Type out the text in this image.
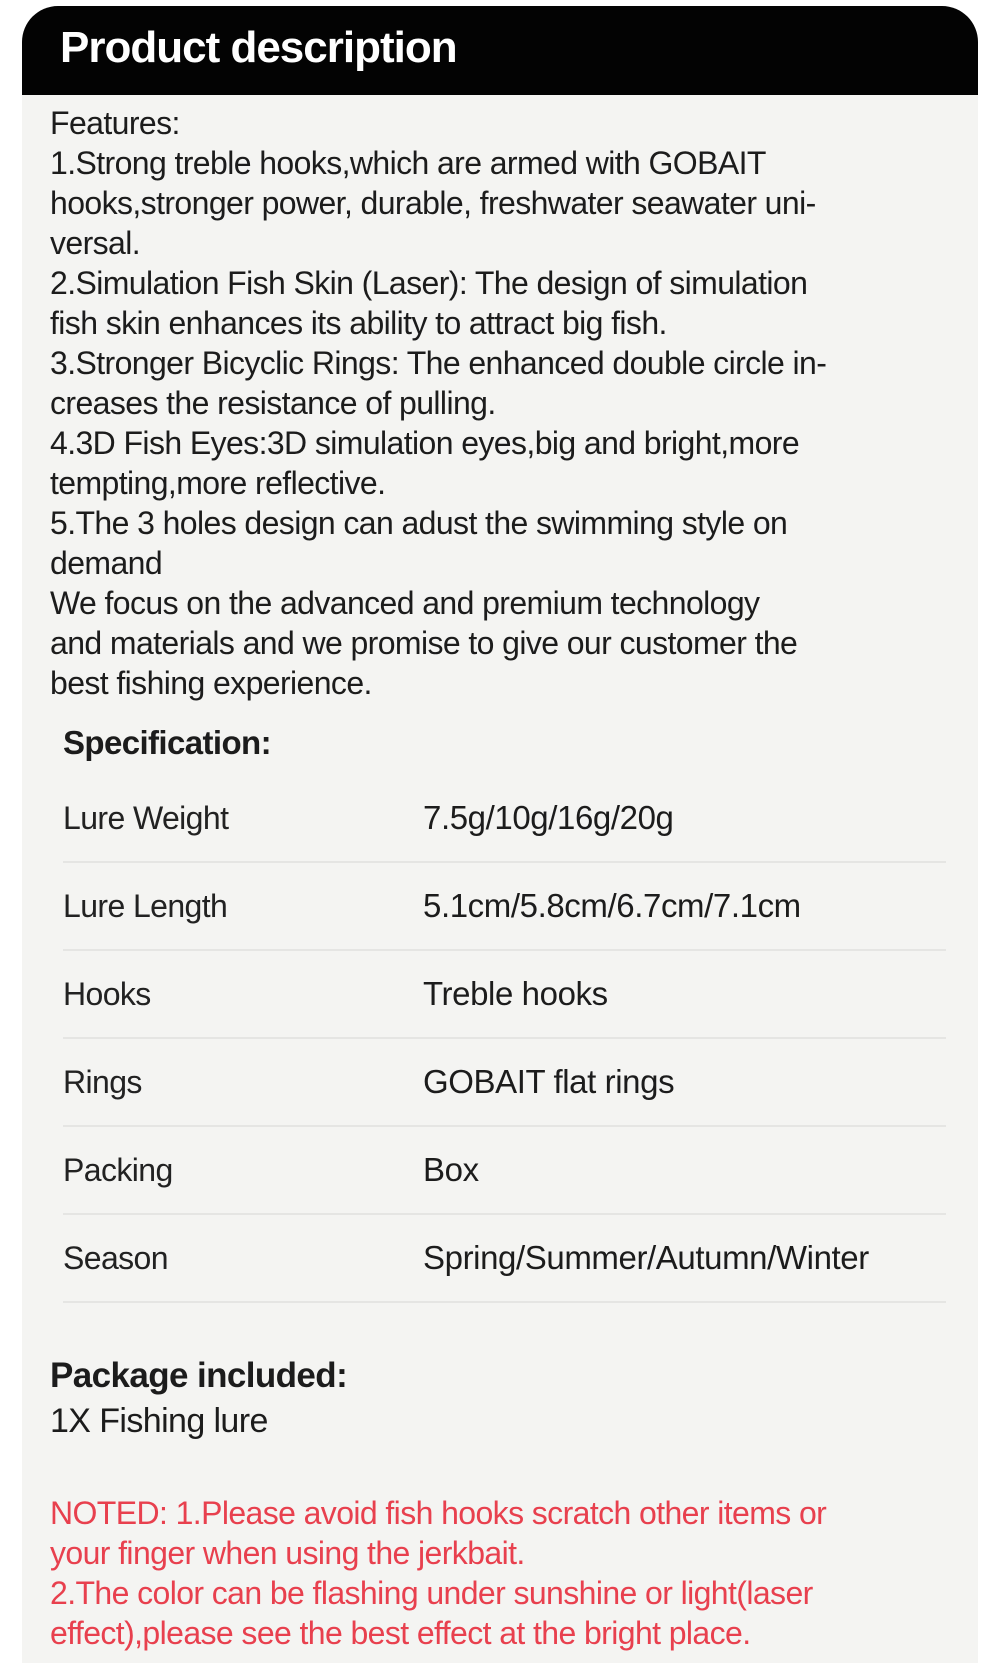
Product description
Features:
1.Strong treble hooks,which are armed with GOBAIT
hooks,stronger power, durable, freshwater seawater uni-
versal.
2.Simulation Fish Skin (Laser): The design of simulation
fish skin enhances its ability to attract big fish.
3.Stronger Bicyclic Rings: The enhanced double circle in-
creases the resistance of pulling.
4.3D Fish Eyes:3D simulation eyes,big and bright,more
tempting,more reflective.
5.The 3 holes design can adust the swimming style on
demand
We focus on the advanced and premium technology
and materials and we promise to give our customer the
best fishing experience.
Specification:
Lure Weight	7.5g/10g/16g/20g
Lure Length	5.1cm/5.8cm/6.7cm/7.1cm
Hooks	Treble hooks
Rings	GOBAIT flat rings
Packing	Box
Season	Spring/Summer/Autumn/Winter
Package included:
1X Fishing lure
NOTED: 1.Please avoid fish hooks scratch other items or
your finger when using the jerkbait.
2.The color can be flashing under sunshine or light(laser
effect),please see the best effect at the bright place.
